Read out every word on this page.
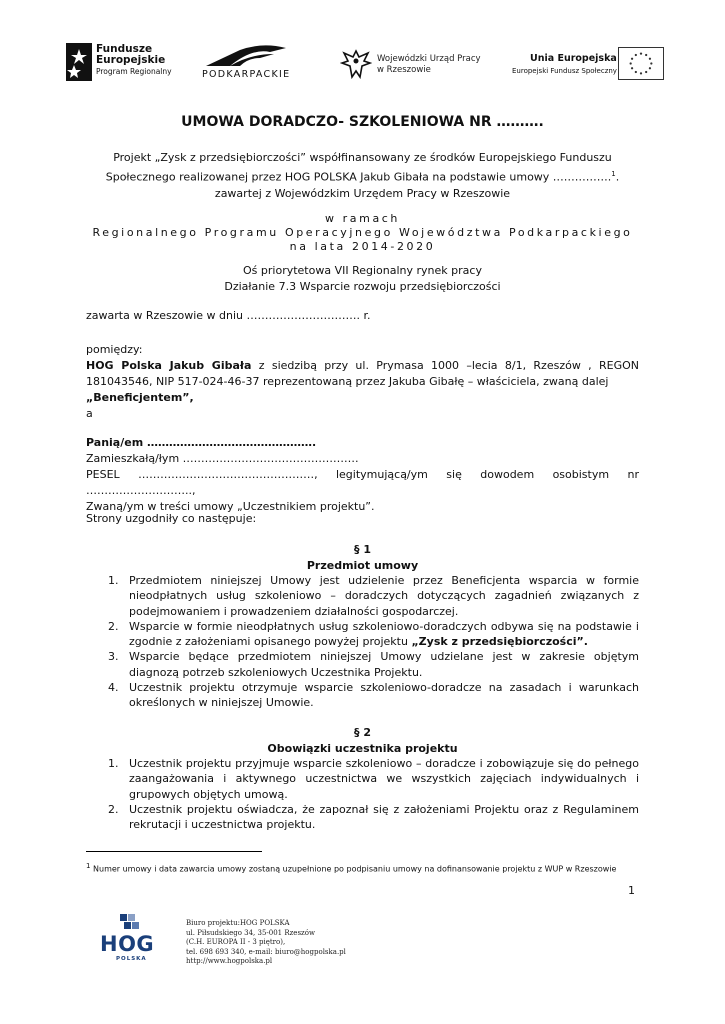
Fundusze
Europejskie
Program Regionalny	PODKARPACKIE
Wojewódzki Urząd Pracy
w Rzeszowie
Unia Europejska
Europejski Fundusz Społeczny
UMOWA DORADCZO- SZKOLENIOWA NR ……….
Projekt „Zysk z przedsiębiorczości” współfinansowany ze środków Europejskiego Funduszu
Społecznego realizowanej przez HOG POLSKA Jakub Gibała na podstawie umowy …………….$^1$.
zawartej z Wojewódzkim Urzędem Pracy w Rzeszowie
w ramach
Regionalnego Programu Operacyjnego Województwa Podkarpackiego
na lata 2014-2020
Oś priorytetowa VII Regionalny rynek pracy
Działanie 7.3 Wsparcie rozwoju przedsiębiorczości
zawarta w Rzeszowie w dniu …………………………. r.
pomiędzy:
HOG Polska Jakub Gibała z siedzibą przy ul. Prymasa 1000 –lecia 8/1, Rzeszów , REGON 181043546, NIP 517-024-46-37 reprezentowaną przez Jakuba Gibałę – właściciela, zwaną dalej
„Beneficjentem”,
a
Panią/em ……………………………………….
Zamieszkałą/łym …………………………………………
PESEL …………………………………………, legitymującą/ym się dowodem osobistym nr ………………………..,
Zwaną/ym w treści umowy „Uczestnikiem projektu”.
Strony uzgodniły co następuje:
§ 1
Przedmiot umowy
1. Przedmiotem niniejszej Umowy jest udzielenie przez Beneficjenta wsparcia w formie nieodpłatnych usług szkoleniowo – doradczych dotyczących zagadnień związanych z podejmowaniem i prowadzeniem działalności gospodarczej.
2. Wsparcie w formie nieodpłatnych usług szkoleniowo-doradczych odbywa się na podstawie i zgodnie z założeniami opisanego powyżej projektu „Zysk z przedsiębiorczości”.
3. Wsparcie będące przedmiotem niniejszej Umowy udzielane jest w zakresie objętym diagnozą potrzeb szkoleniowych Uczestnika Projektu.
4. Uczestnik projektu otrzymuje wsparcie szkoleniowo-doradcze na zasadach i warunkach określonych w niniejszej Umowie.
§ 2
Obowiązki uczestnika projektu
1. Uczestnik projektu przyjmuje wsparcie szkoleniowo – doradcze i zobowiązuje się do pełnego zaangażowania i aktywnego uczestnictwa we wszystkich zajęciach indywidualnych i grupowych objętych umową.
2. Uczestnik projektu oświadcza, że zapoznał się z założeniami Projektu oraz z Regulaminem rekrutacji i uczestnictwa projektu.
$^1$ Numer umowy i data zawarcia umowy zostaną uzupełnione po podpisaniu umowy na dofinansowanie projektu z WUP w Rzeszowie
1
HOG
POLSKA
Biuro projektu:HOG POLSKA
ul. Piłsudskiego 34, 35-001 Rzeszów
(C.H. EUROPA II - 3 piętro),
tel. 698 693 340, e-mail: biuro@hogpolska.pl
http://www.hogpolska.pl
